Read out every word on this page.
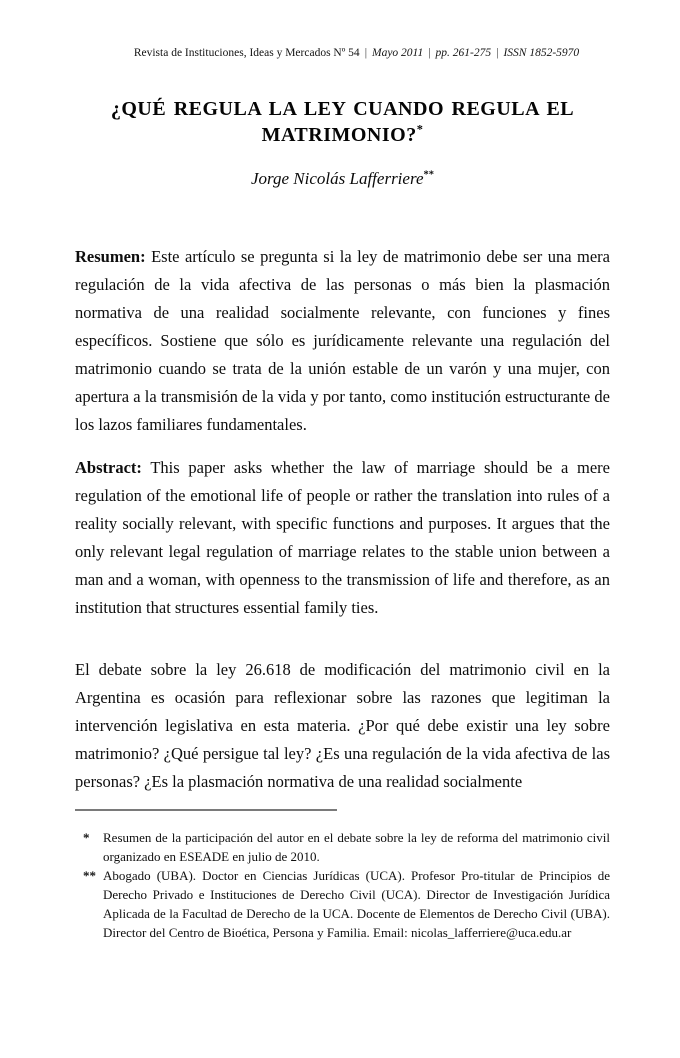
Revista de Instituciones, Ideas y Mercados Nº 54 | Mayo 2011 | pp. 261-275 | ISSN 1852-5970
¿QUÉ REGULA LA LEY CUANDO REGULA EL MATRIMONIO?*
Jorge Nicolás Lafferriere**

Resumen: Este artículo se pregunta si la ley de matrimonio debe ser una mera regulación de la vida afectiva de las personas o más bien la plasmación normativa de una realidad socialmente relevante, con funciones y fines específicos. Sostiene que sólo es jurídicamente relevante una regulación del matrimonio cuando se trata de la unión estable de un varón y una mujer, con apertura a la transmisión de la vida y por tanto, como institución estructurante de los lazos familiares fundamentales.

Abstract: This paper asks whether the law of marriage should be a mere regulation of the emotional life of people or rather the translation into rules of a reality socially relevant, with specific functions and purposes. It argues that the only relevant legal regulation of marriage relates to the stable union between a man and a woman, with openness to the transmission of life and therefore, as an institution that structures essential family ties.

El debate sobre la ley 26.618 de modificación del matrimonio civil en la Argentina es ocasión para reflexionar sobre las razones que legitiman la intervención legislativa en esta materia. ¿Por qué debe existir una ley sobre matrimonio? ¿Qué persigue tal ley? ¿Es una regulación de la vida afectiva de las personas? ¿Es la plasmación normativa de una realidad socialmente

* Resumen de la participación del autor en el debate sobre la ley de reforma del matrimonio civil organizado en ESEADE en julio de 2010.
** Abogado (UBA). Doctor en Ciencias Jurídicas (UCA). Profesor Pro-titular de Principios de Derecho Privado e Instituciones de Derecho Civil (UCA). Director de Investigación Jurídica Aplicada de la Facultad de Derecho de la UCA. Docente de Elementos de Derecho Civil (UBA). Director del Centro de Bioética, Persona y Familia. Email: nicolas_lafferriere@uca.edu.ar
